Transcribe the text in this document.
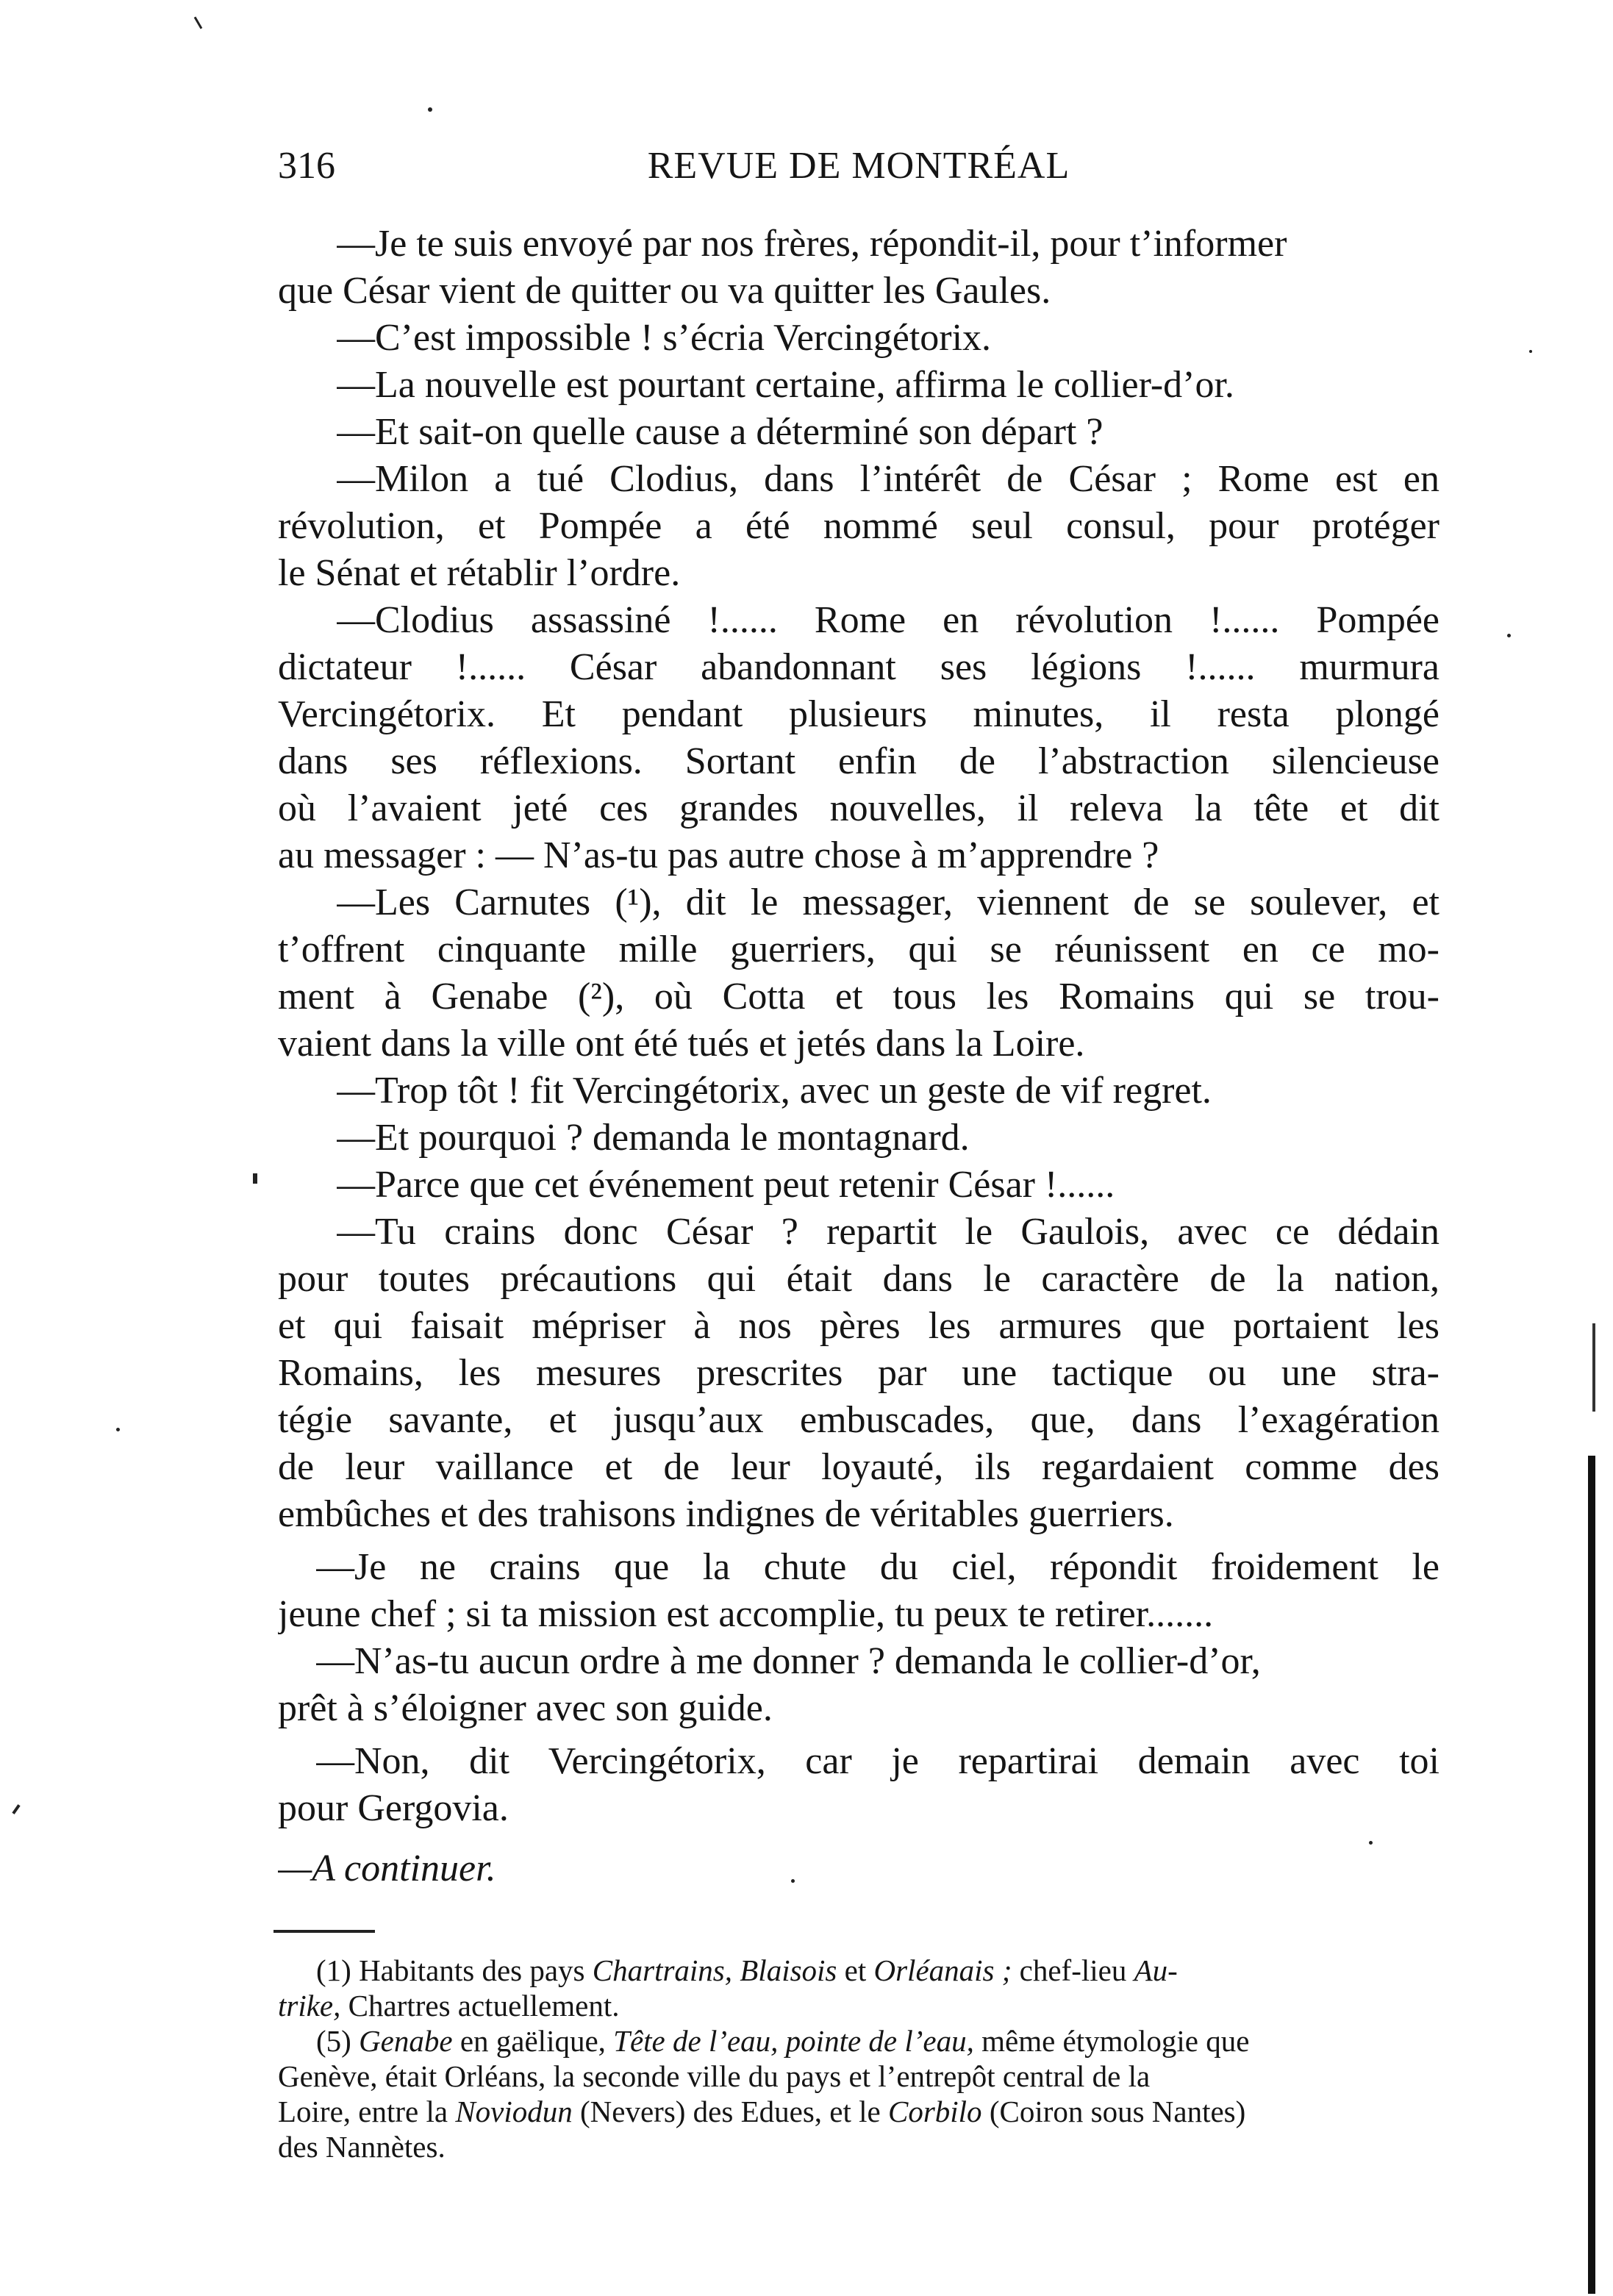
316	REVUE DE MONTRÉAL
—Je te suis envoyé par nos frères, répondit-il, pour t’informer
que César vient de quitter ou va quitter les Gaules.
—C’est impossible ! s’écria Vercingétorix.
—La nouvelle est pourtant certaine, affirma le collier-d’or.
—Et sait-on quelle cause a déterminé son départ ?
—Milon a tué Clodius, dans l’intérêt de César ; Rome est en
révolution, et Pompée a été nommé seul consul, pour protéger
le Sénat et rétablir l’ordre.
—Clodius assassiné !...... Rome en révolution !...... Pompée
dictateur !...... César abandonnant ses légions !...... murmura
Vercingétorix. Et pendant plusieurs minutes, il resta plongé
dans ses réflexions. Sortant enfin de l’abstraction silencieuse
où l’avaient jeté ces grandes nouvelles, il releva la tête et dit
au messager : — N’as-tu pas autre chose à m’apprendre ?
—Les Carnutes (¹), dit le messager, viennent de se soulever, et
t’offrent cinquante mille guerriers, qui se réunissent en ce mo-
ment à Genabe (²), où Cotta et tous les Romains qui se trou-
vaient dans la ville ont été tués et jetés dans la Loire.
—Trop tôt ! fit Vercingétorix, avec un geste de vif regret.
—Et pourquoi ? demanda le montagnard.
—Parce que cet événement peut retenir César !......
—Tu crains donc César ? repartit le Gaulois, avec ce dédain
pour toutes précautions qui était dans le caractère de la nation,
et qui faisait mépriser à nos pères les armures que portaient les
Romains, les mesures prescrites par une tactique ou une stra-
tégie savante, et jusqu’aux embuscades, que, dans l’exagération
de leur vaillance et de leur loyauté, ils regardaient comme des
embûches et des trahisons indignes de véritables guerriers.
—Je ne crains que la chute du ciel, répondit froidement le
jeune chef ; si ta mission est accomplie, tu peux te retirer.......
—N’as-tu aucun ordre à me donner ? demanda le collier-d’or,
prêt à s’éloigner avec son guide.
—Non, dit Vercingétorix, car je repartirai demain avec toi
pour Gergovia.
—A continuer.
(1) Habitants des pays Chartrains, Blaisois et Orléanais ; chef-lieu Au-
trike, Chartres actuellement.
(5) Genabe en gaëlique, Tête de l’eau, pointe de l’eau, même étymologie que
Genève, était Orléans, la seconde ville du pays et l’entrepôt central de la
Loire, entre la Noviodun (Nevers) des Edues, et le Corbilo (Coiron sous Nantes)
des Nannètes.
